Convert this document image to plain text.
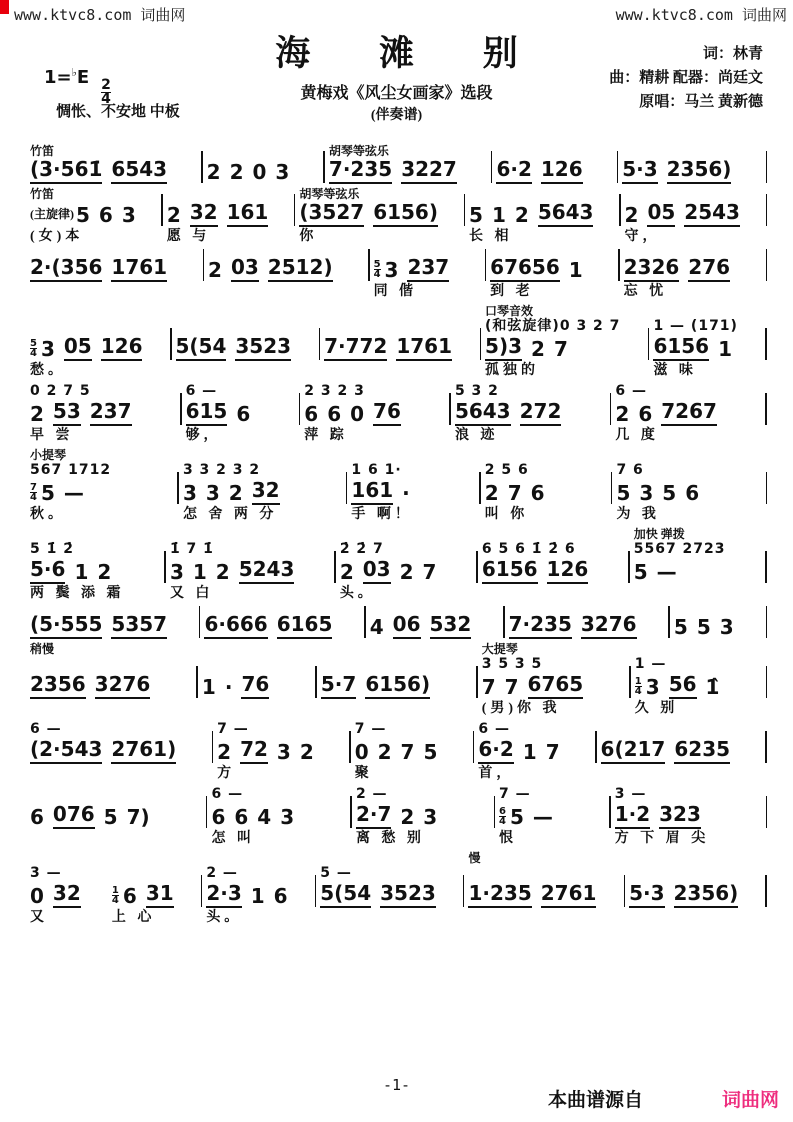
www.ktvc8.com 词曲网	www.ktvc8.com 词曲网
海 滩 别
黄梅戏《风尘女画家》选段
(伴奏谱)
1=♭E
$\frac{2}{4}$
惆怅、不安地 中板
词：林青
曲：精耕 配器：尚廷文
原唱：马兰 黄新德
竹笛
(3·561̇ 6543 2 2 0 3
胡琴等弦乐
7·235 3227 6·2 126 5·3 2356)
竹笛
(主旋律) 5 6 3
(女)本
2 32 161
愿 与
胡琴等弦乐
(3527 6156)
你
5 1 2 5643
长 相
2 05 2543
守，
2·(356 1761 2 03 2512)	$\frac{5}{4} 3$ 237
同 偕
67656 1
到 老
2326 276
忘 忧
$\frac{5}{4} 3$ 05 126
愁。
5(54 3523 7·772 1761
口琴音效
(和弦旋律)0 3 2 7
5)3 2 7
孤独的
1 — (171)
6156 1
滋 味
0 2 7 5
2 53 237
早 尝
6 —
615 6
够，
2 3 2 3
6 6 0 76
萍 踪
5 3 2
5643 272
浪 迹
6 —
2 6 7267
几 度
小提琴
567 1712
$\frac{7}{4} 5$ —
秋。
3 3 2 3 2
3 3 2 32
怎 舍 两 分
1 6 1·
161 ·
手 啊！
2 5 6
2 7 6
叫 你
7 6
5 3 5 6
为 我
5 1̇ 2̇
5·6 1 2
两 鬓 添 霜
1̇ 7 1̇
3 1 2 5243
又 白
2̇ 2̇ 7
2 03 2 7
头。
6 5 6 1̇ 2̇ 6
6156 126
加快 弹拨
5567 2723
5 —
(5·555 5357 6·666 6165 4 06 532 7·235 3276 5 5 3
稍慢
2356 3276	1 · 76	5·7 6156)
大提琴
3 5 3 5
7 7 6765
(男)你 我
1 —
$\frac{1}{4} 3$ 56 1̂
久 别
6 —
(2·543 2761)
7 —
2 72 3 2
方
7 —
0 2 7 5
聚
6 —
6·2 1 7
首，
6(217 6235
6 076 5 7)
6 —
6 6 4 3
怎 叫
2 —
2·7 2 3
离 愁 别
7 —
$\frac{6}{4} 5$ —
恨
3 —
1·2 323
方 下 眉 尖
3 —
0 32
又
$\frac{1}{4} 6$ 31
上 心
2 —
2·3 1 6
头。
5 —
5(54 3523
慢
1·235 2761 5·3 2356)
-1-
本曲谱源自	词曲网
